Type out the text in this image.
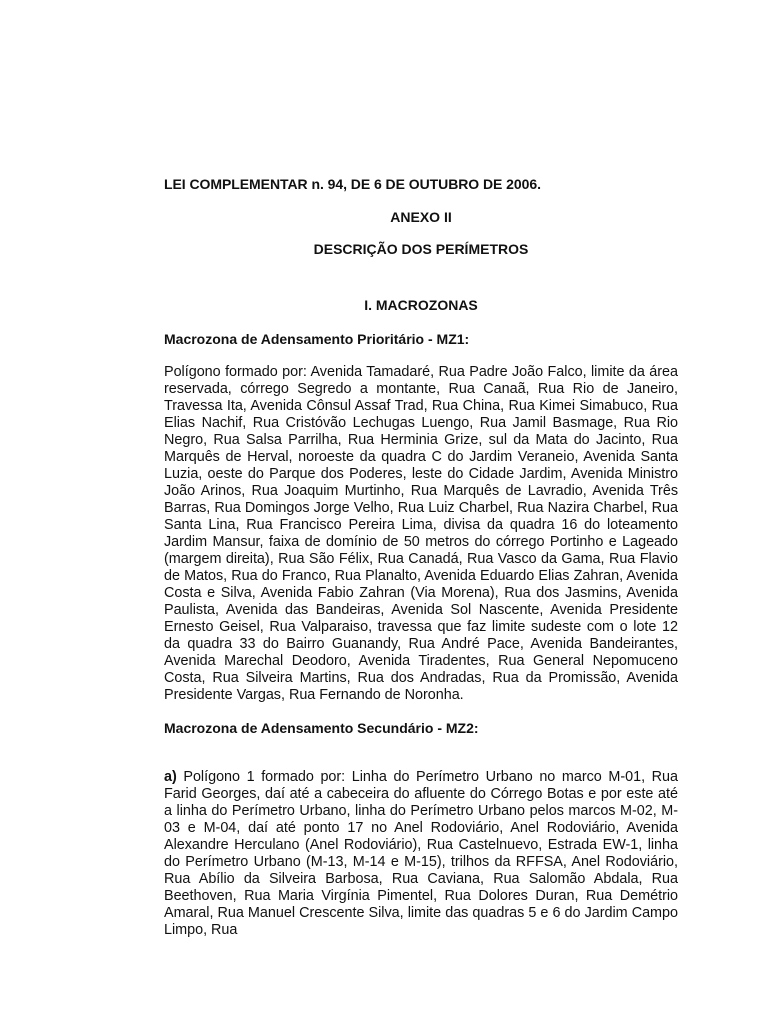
LEI COMPLEMENTAR n. 94, DE 6 DE OUTUBRO DE 2006.
ANEXO II
DESCRIÇÃO DOS PERÍMETROS
I. MACROZONAS
Macrozona de Adensamento Prioritário - MZ1:

Polígono formado por: Avenida Tamadaré, Rua Padre João Falco, limite da área reservada, córrego Segredo a montante, Rua Canaã, Rua Rio de Janeiro, Travessa Ita, Avenida Cônsul Assaf Trad, Rua China, Rua Kimei Simabuco, Rua Elias Nachif, Rua Cristóvão Lechugas Luengo, Rua Jamil Basmage, Rua Rio Negro, Rua Salsa Parrilha, Rua Herminia Grize, sul da Mata do Jacinto, Rua Marquês de Herval, noroeste da quadra C do Jardim Veraneio, Avenida Santa Luzia, oeste do Parque dos Poderes, leste do Cidade Jardim, Avenida Ministro João Arinos, Rua Joaquim Murtinho, Rua Marquês de Lavradio, Avenida Três Barras, Rua Domingos Jorge Velho, Rua Luiz Charbel, Rua Nazira Charbel, Rua Santa Lina, Rua Francisco Pereira Lima, divisa da quadra 16 do loteamento Jardim Mansur, faixa de domínio de 50 metros do córrego Portinho e Lageado (margem direita), Rua São Félix, Rua Canadá, Rua Vasco da Gama, Rua Flavio de Matos, Rua do Franco, Rua Planalto, Avenida Eduardo Elias Zahran, Avenida Costa e Silva, Avenida Fabio Zahran (Via Morena), Rua dos Jasmins, Avenida Paulista, Avenida das Bandeiras, Avenida Sol Nascente, Avenida Presidente Ernesto Geisel, Rua Valparaiso, travessa que faz limite sudeste com o lote 12 da quadra 33 do Bairro Guanandy, Rua André Pace, Avenida Bandeirantes, Avenida Marechal Deodoro, Avenida Tiradentes, Rua General Nepomuceno Costa, Rua Silveira Martins, Rua dos Andradas, Rua da Promissão, Avenida Presidente Vargas, Rua Fernando de Noronha.

Macrozona de Adensamento Secundário - MZ2:

a) Polígono 1 formado por: Linha do Perímetro Urbano no marco M-01, Rua Farid Georges, daí até a cabeceira do afluente do Córrego Botas e por este até a linha do Perímetro Urbano, linha do Perímetro Urbano pelos marcos M-02, M-03 e M-04, daí até ponto 17 no Anel Rodoviário, Anel Rodoviário, Avenida Alexandre Herculano (Anel Rodoviário), Rua Castelnuevo, Estrada EW-1, linha do Perímetro Urbano (M-13, M-14 e M-15), trilhos da RFFSA, Anel Rodoviário, Rua Abílio da Silveira Barbosa, Rua Caviana, Rua Salomão Abdala, Rua Beethoven, Rua Maria Virgínia Pimentel, Rua Dolores Duran, Rua Demétrio Amaral, Rua Manuel Crescente Silva, limite das quadras 5 e 6 do Jardim Campo Limpo, Rua
